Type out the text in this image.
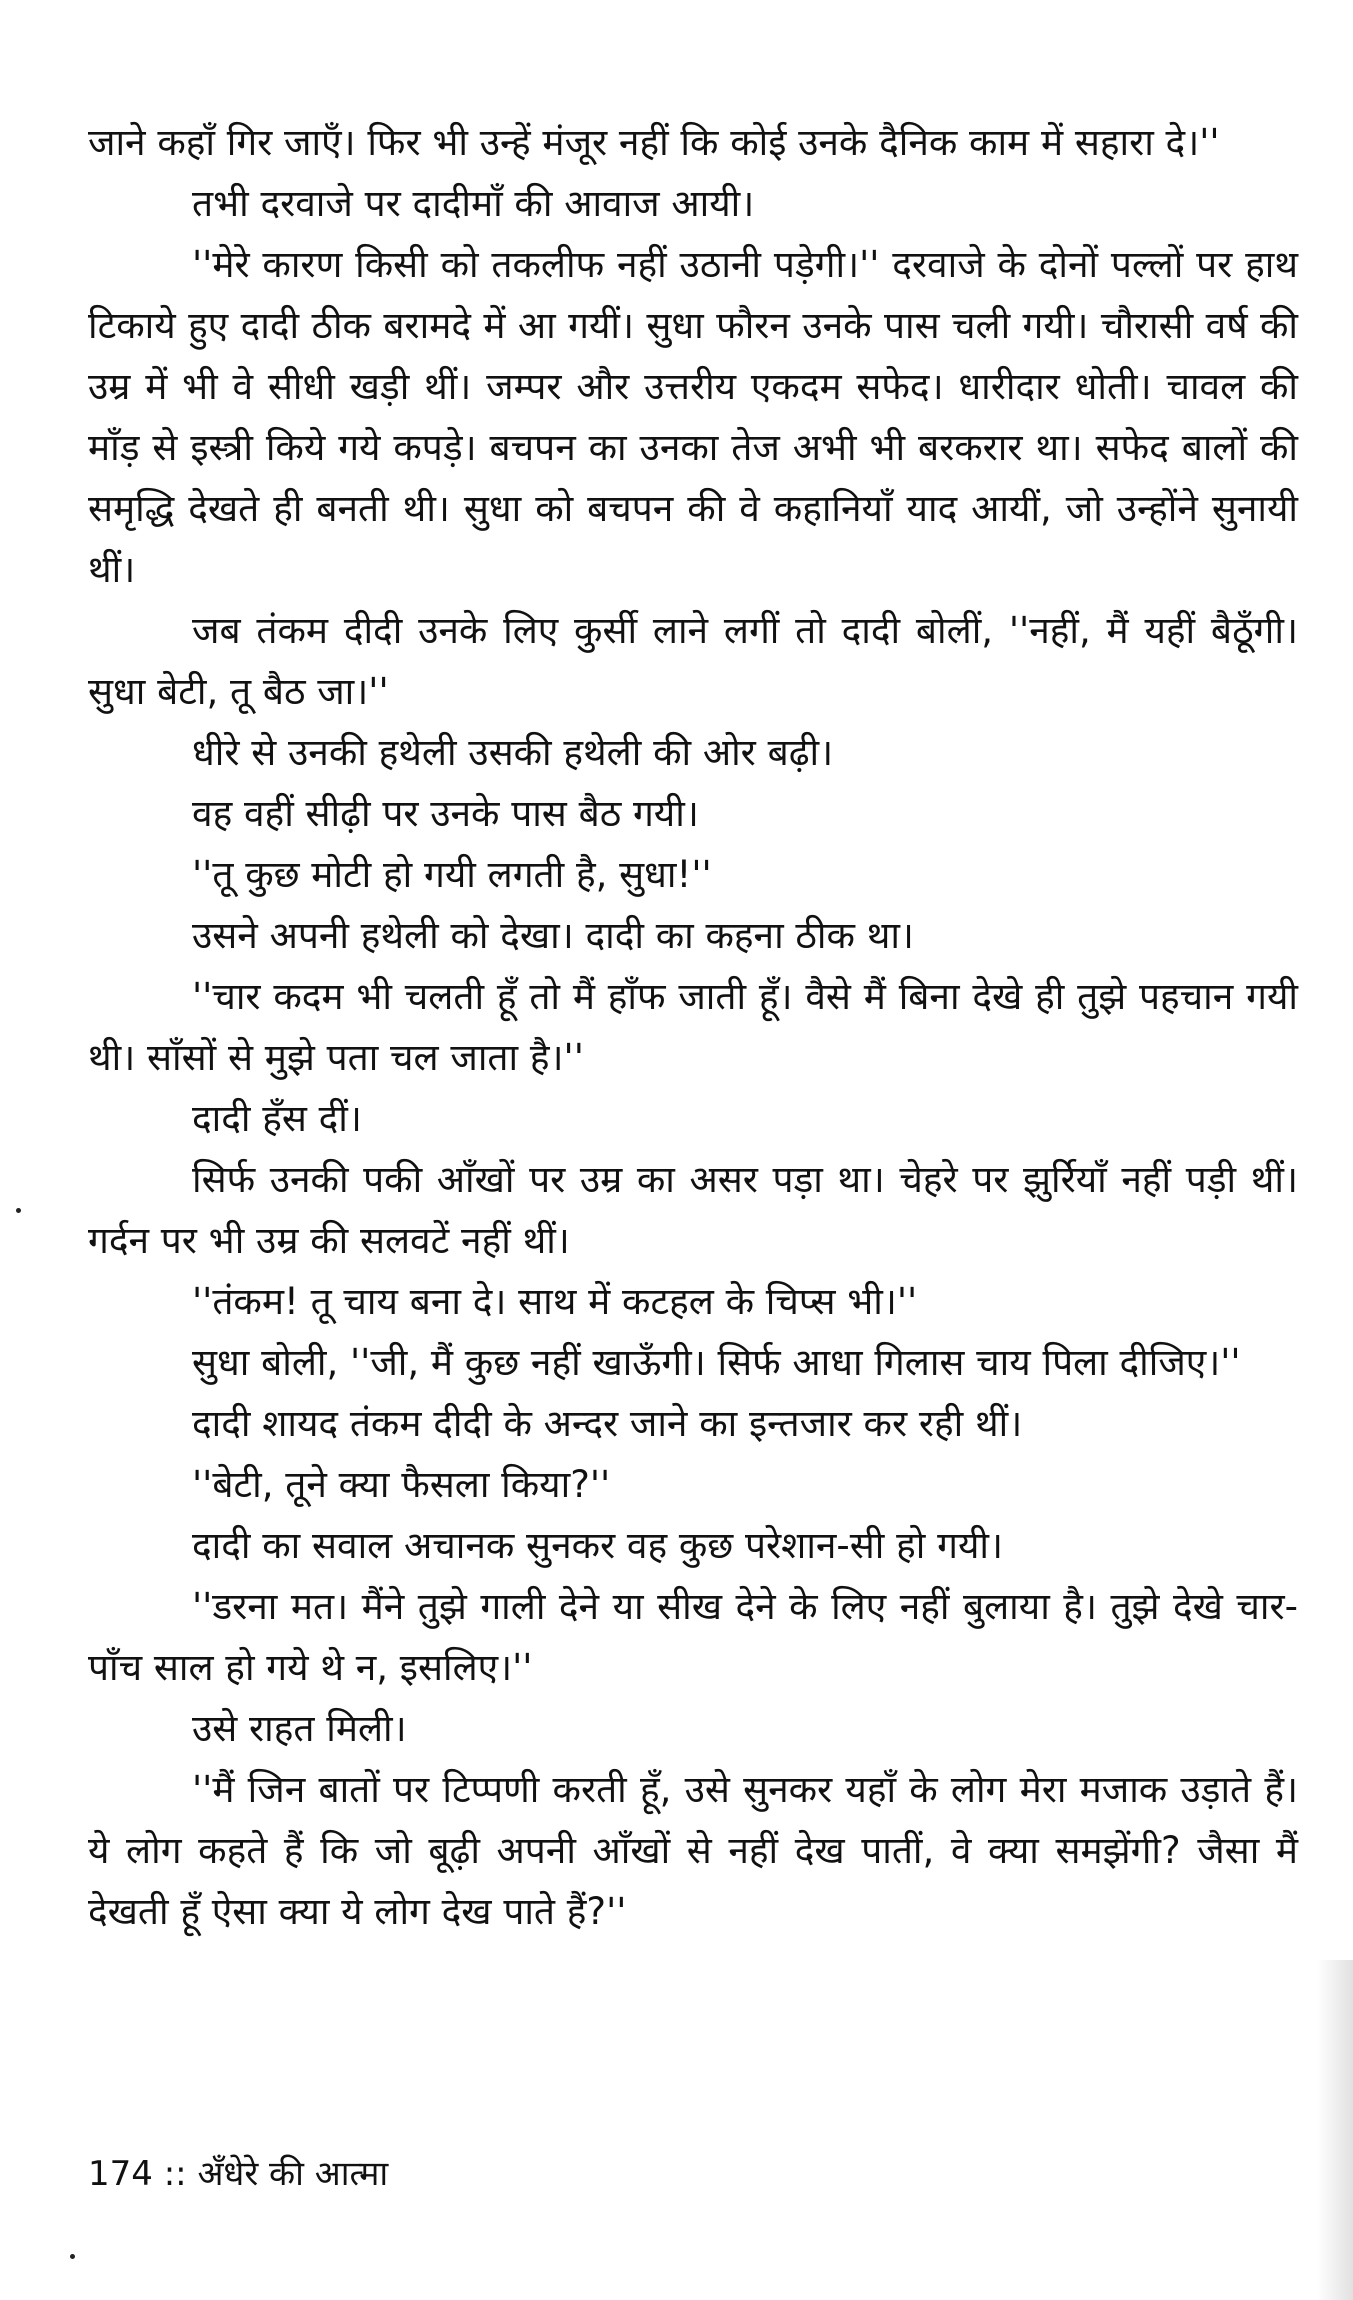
जाने कहाँ गिर जाएँ। फिर भी उन्हें मंजूर नहीं कि कोई उनके दैनिक काम में सहारा दे।''

तभी दरवाजे पर दादीमाँ की आवाज आयी।

''मेरे कारण किसी को तकलीफ नहीं उठानी पड़ेगी।'' दरवाजे के दोनों पल्लों पर हाथ टिकाये हुए दादी ठीक बरामदे में आ गयीं। सुधा फौरन उनके पास चली गयी। चौरासी वर्ष की उम्र में भी वे सीधी खड़ी थीं। जम्पर और उत्तरीय एकदम सफेद। धारीदार धोती। चावल की माँड़ से इस्त्री किये गये कपड़े। बचपन का उनका तेज अभी भी बरकरार था। सफेद बालों की समृद्धि देखते ही बनती थी। सुधा को बचपन की वे कहानियाँ याद आयीं, जो उन्होंने सुनायी थीं।

जब तंकम दीदी उनके लिए कुर्सी लाने लगीं तो दादी बोलीं, ''नहीं, मैं यहीं बैठूँगी। सुधा बेटी, तू बैठ जा।''

धीरे से उनकी हथेली उसकी हथेली की ओर बढ़ी।

वह वहीं सीढ़ी पर उनके पास बैठ गयी।

''तू कुछ मोटी हो गयी लगती है, सुधा!''

उसने अपनी हथेली को देखा। दादी का कहना ठीक था।

''चार कदम भी चलती हूँ तो मैं हाँफ जाती हूँ। वैसे मैं बिना देखे ही तुझे पहचान गयी थी। साँसों से मुझे पता चल जाता है।''

दादी हँस दीं।

सिर्फ उनकी पकी आँखों पर उम्र का असर पड़ा था। चेहरे पर झुर्रियाँ नहीं पड़ी थीं। गर्दन पर भी उम्र की सलवटें नहीं थीं।

''तंकम! तू चाय बना दे। साथ में कटहल के चिप्स भी।''

सुधा बोली, ''जी, मैं कुछ नहीं खाऊँगी। सिर्फ आधा गिलास चाय पिला दीजिए।''

दादी शायद तंकम दीदी के अन्दर जाने का इन्तजार कर रही थीं।

''बेटी, तूने क्या फैसला किया?''

दादी का सवाल अचानक सुनकर वह कुछ परेशान-सी हो गयी।

''डरना मत। मैंने तुझे गाली देने या सीख देने के लिए नहीं बुलाया है। तुझे देखे चार-पाँच साल हो गये थे न, इसलिए।''

उसे राहत मिली।

''मैं जिन बातों पर टिप्पणी करती हूँ, उसे सुनकर यहाँ के लोग मेरा मजाक उड़ाते हैं। ये लोग कहते हैं कि जो बूढ़ी अपनी आँखों से नहीं देख पातीं, वे क्या समझेंगी? जैसा मैं देखती हूँ ऐसा क्या ये लोग देख पाते हैं?''

174 :: अँधेरे की आत्मा
